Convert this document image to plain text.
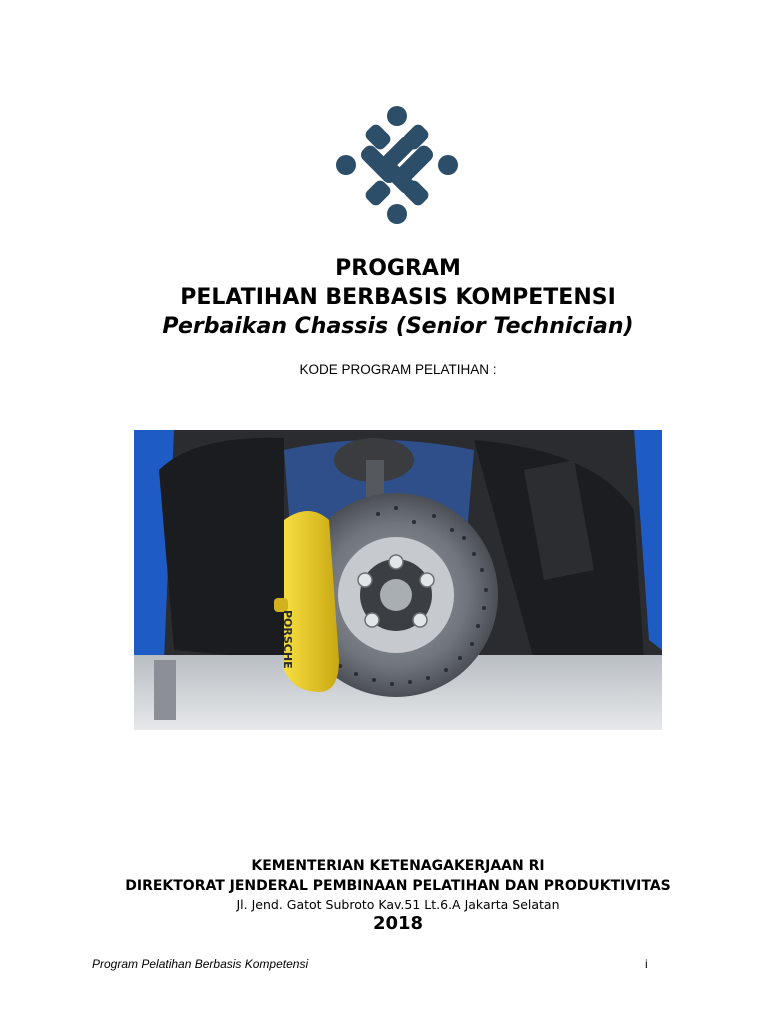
PROGRAM
PELATIHAN BERBASIS KOMPETENSI
Perbaikan Chassis (Senior Technician)
KODE PROGRAM PELATIHAN :
PORSCHE
KEMENTERIAN KETENAGAKERJAAN RI
DIREKTORAT JENDERAL PEMBINAAN PELATIHAN DAN PRODUKTIVITAS
Jl. Jend. Gatot Subroto Kav.51 Lt.6.A Jakarta Selatan
2018
Program Pelatihan Berbasis Kompetensi	i
